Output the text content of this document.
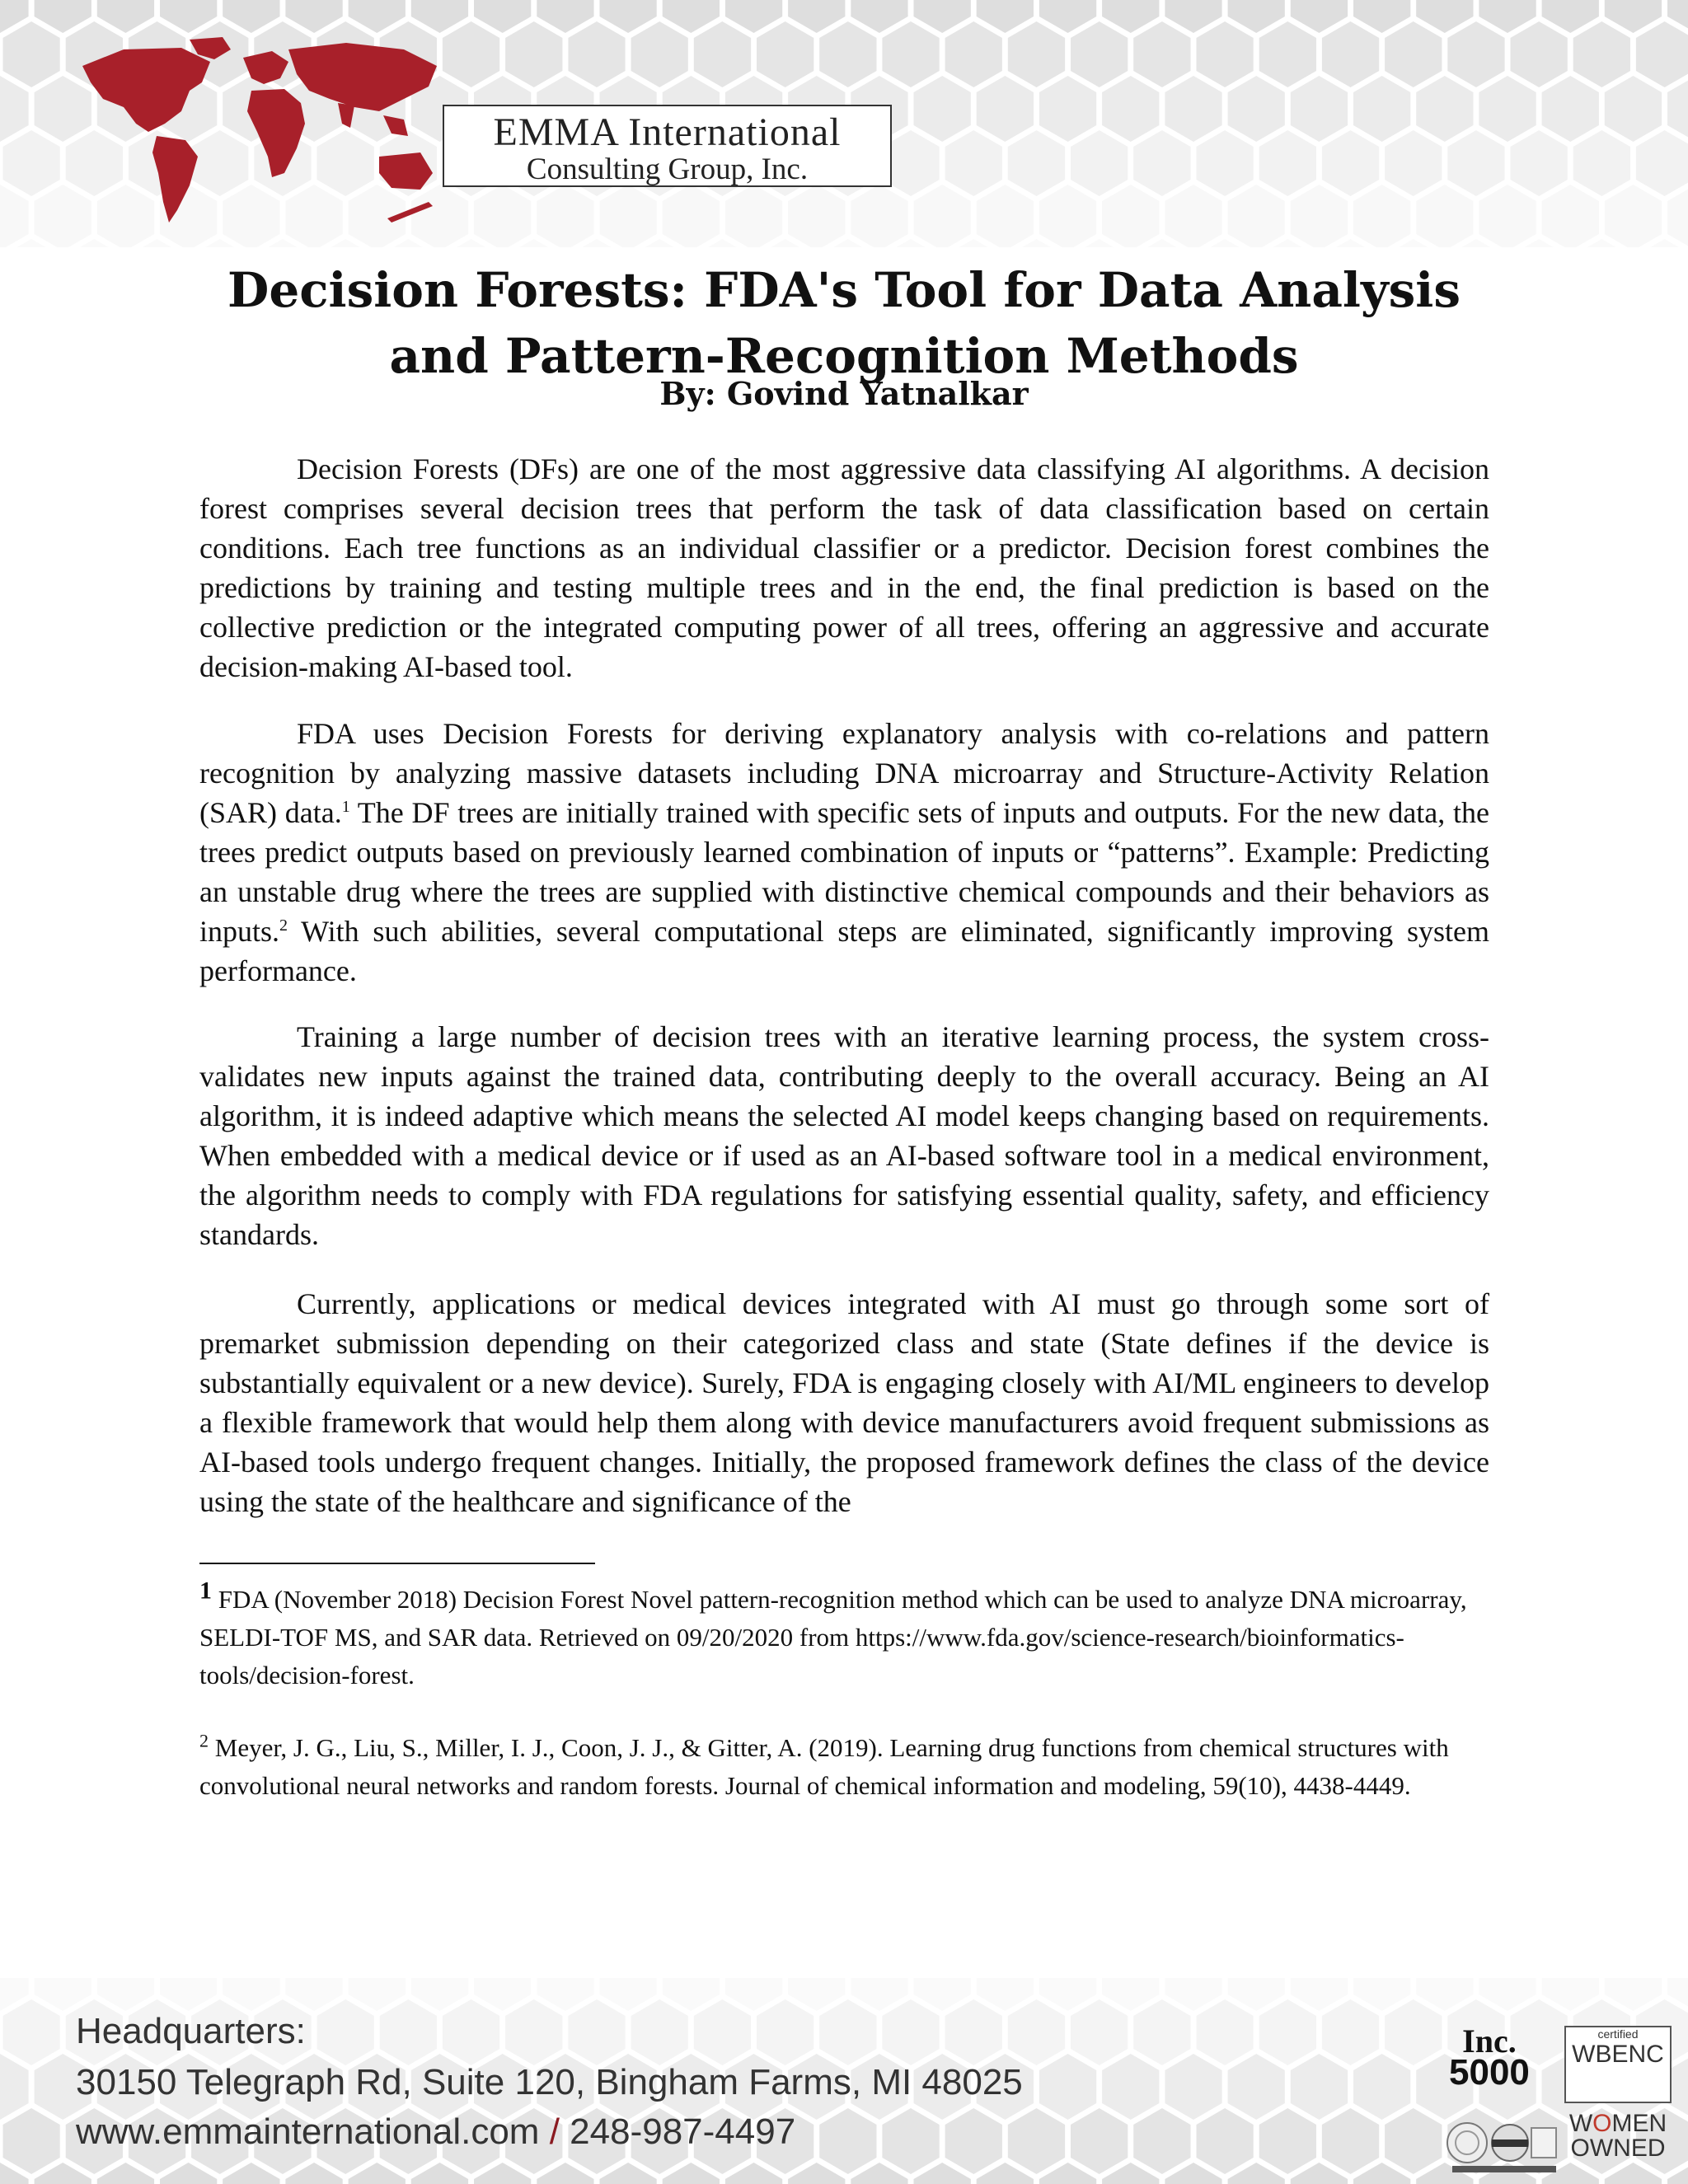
EMMA International
Consulting Group, Inc.
Decision Forests: FDA's Tool for Data Analysis
and Pattern-Recognition Methods
By: Govind Yatnalkar

Decision Forests (DFs) are one of the most aggressive data classifying AI algorithms. A decision forest comprises several decision trees that perform the task of data classification based on certain conditions. Each tree functions as an individual classifier or a predictor. Decision forest combines the predictions by training and testing multiple trees and in the end, the final prediction is based on the collective prediction or the integrated computing power of all trees, offering an aggressive and accurate decision-making AI-based tool.

FDA uses Decision Forests for deriving explanatory analysis with co-relations and pattern recognition by analyzing massive datasets including DNA microarray and Structure-Activity Relation (SAR) data.$^1$ The DF trees are initially trained with specific sets of inputs and outputs. For the new data, the trees predict outputs based on previously learned combination of inputs or “patterns”. Example: Predicting an unstable drug where the trees are supplied with distinctive chemical compounds and their behaviors as inputs.$^2$ With such abilities, several computational steps are eliminated, significantly improving system performance.

Training a large number of decision trees with an iterative learning process, the system cross-validates new inputs against the trained data, contributing deeply to the overall accuracy. Being an AI algorithm, it is indeed adaptive which means the selected AI model keeps changing based on requirements. When embedded with a medical device or if used as an AI-based software tool in a medical environment, the algorithm needs to comply with FDA regulations for satisfying essential quality, safety, and efficiency standards.

Currently, applications or medical devices integrated with AI must go through some sort of premarket submission depending on their categorized class and state (State defines if the device is substantially equivalent or a new device). Surely, FDA is engaging closely with AI/ML engineers to develop a flexible framework that would help them along with device manufacturers avoid frequent submissions as AI-based tools undergo frequent changes. Initially, the proposed framework defines the class of the device using the state of the healthcare and significance of the

1 FDA (November 2018) Decision Forest Novel pattern-recognition method which can be used to analyze DNA microarray, SELDI-TOF MS, and SAR data. Retrieved on 09/20/2020 from https://www.fda.gov/science-research/bioinformatics-tools/decision-forest.

$^2$ Meyer, J. G., Liu, S., Miller, I. J., Coon, J. J., & Gitter, A. (2019). Learning drug functions from chemical structures with convolutional neural networks and random forests. Journal of chemical information and modeling, 59(10), 4438-4449.

Headquarters:
30150 Telegraph Rd, Suite 120, Bingham Farms, MI 48025
www.emmainternational.com / 248-987-4497
Inc.
5000
certified
WBENC

WOMEN
OWNED
